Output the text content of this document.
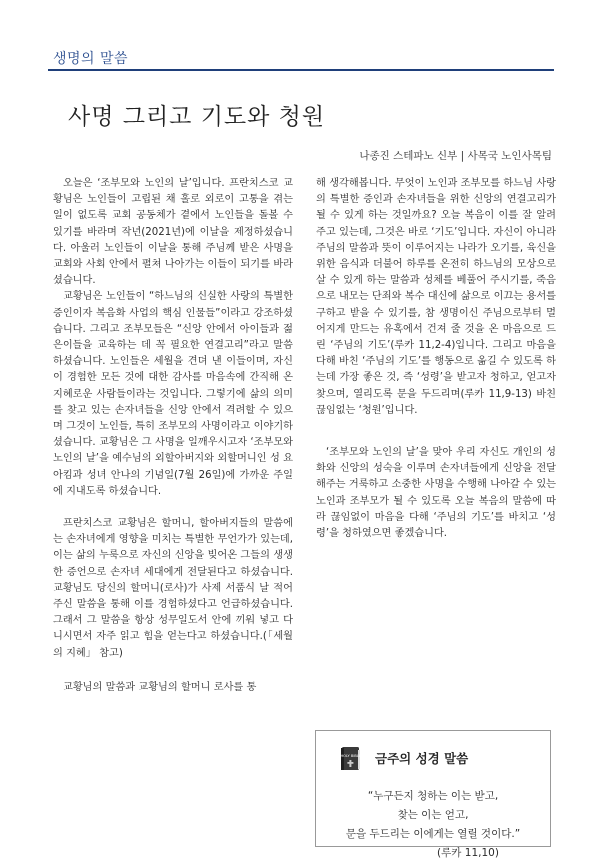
생명의 말씀
사명 그리고 기도와 청원
나종진 스테파노 신부 | 사목국 노인사목팀

오늘은 ‘조부모와 노인의 날’입니다. 프란치스코 교황님은 노인들이 고립된 채 홀로 외로이 고통을 겪는 일이 없도록 교회 공동체가 곁에서 노인들을 돌볼 수 있기를 바라며 작년(2021년)에 이날을 제정하셨습니다. 아울러 노인들이 이날을 통해 주님께 받은 사명을 교회와 사회 안에서 펼쳐 나아가는 이들이 되기를 바라셨습니다.

교황님은 노인들이 “하느님의 신실한 사랑의 특별한 증인이자 복음화 사업의 핵심 인물들”이라고 강조하셨습니다. 그리고 조부모들은 “신앙 안에서 아이들과 젊은이들을 교육하는 데 꼭 필요한 연결고리”라고 말씀하셨습니다. 노인들은 세월을 견뎌 낸 이들이며, 자신이 경험한 모든 것에 대한 감사를 마음속에 간직해 온 지혜로운 사람들이라는 것입니다. 그렇기에 삶의 의미를 찾고 있는 손자녀들을 신앙 안에서 격려할 수 있으며 그것이 노인들, 특히 조부모의 사명이라고 이야기하셨습니다. 교황님은 그 사명을 일깨우시고자 ‘조부모와 노인의 날’을 예수님의 외할아버지와 외할머니인 성 요아킴과 성녀 안나의 기념일(7월 26일)에 가까운 주일에 지내도록 하셨습니다.

프란치스코 교황님은 할머니, 할아버지들의 말씀에는 손자녀에게 영향을 미치는 특별한 무언가가 있는데, 이는 삶의 누룩으로 자신의 신앙을 빚어온 그들의 생생한 증언으로 손자녀 세대에게 전달된다고 하셨습니다. 교황님도 당신의 할머니(로사)가 사제 서품식 날 적어 주신 말씀을 통해 이를 경험하셨다고 언급하셨습니다. 그래서 그 말씀을 항상 성무일도서 안에 끼워 넣고 다니시면서 자주 읽고 힘을 얻는다고 하셨습니다.(「세월의 지혜」 참고)

교황님의 말씀과 교황님의 할머니 로사를 통

해 생각해봅니다. 무엇이 노인과 조부모를 하느님 사랑의 특별한 증인과 손자녀들을 위한 신앙의 연결고리가 될 수 있게 하는 것일까요? 오늘 복음이 이를 잘 알려주고 있는데, 그것은 바로 ‘기도’입니다. 자신이 아니라 주님의 말씀과 뜻이 이루어지는 나라가 오기를, 육신을 위한 음식과 더불어 하루를 온전히 하느님의 모상으로 살 수 있게 하는 말씀과 성체를 베풀어 주시기를, 죽음으로 내모는 단죄와 복수 대신에 삶으로 이끄는 용서를 구하고 받을 수 있기를, 참 생명이신 주님으로부터 멀어지게 만드는 유혹에서 건져 줄 것을 온 마음으로 드린 ‘주님의 기도’(루카 11,2-4)입니다. 그리고 마음을 다해 바친 ‘주님의 기도’를 행동으로 옮길 수 있도록 하는데 가장 좋은 것, 즉 ‘성령’을 받고자 청하고, 얻고자 찾으며, 열리도록 문을 두드리며(루카 11,9-13) 바친 끊임없는 ‘청원’입니다.

‘조부모와 노인의 날’을 맞아 우리 자신도 개인의 성화와 신앙의 성숙을 이루며 손자녀들에게 신앙을 전달해주는 거룩하고 소중한 사명을 수행해 나아갈 수 있는 노인과 조부모가 될 수 있도록 오늘 복음의 말씀에 따라 끊임없이 마음을 다해 ‘주님의 기도’를 바치고 ‘성령’을 청하였으면 좋겠습니다.

HOLY BIBLE 금주의 성경 말씀
“누구든지 청하는 이는 받고,
찾는 이는 얻고,
문을 두드리는 이에게는 열릴 것이다.”
(루카 11,10)
